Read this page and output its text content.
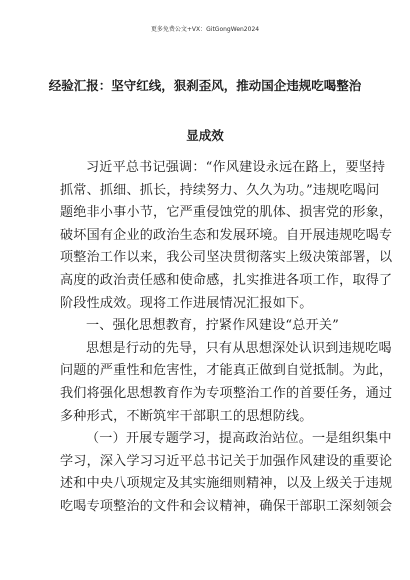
更多免费公文+VX：GitGongWen2024
经验汇报：坚守红线，狠刹歪风，推动国企违规吃喝整治
显成效
习近平总书记强调：“作风建设永远在路上，要坚持
抓常、抓细、抓长，持续努力、久久为功。”违规吃喝问
题绝非小事小节，它严重侵蚀党的肌体、损害党的形象，
破坏国有企业的政治生态和发展环境。自开展违规吃喝专
项整治工作以来，我公司坚决贯彻落实上级决策部署，以
高度的政治责任感和使命感，扎实推进各项工作，取得了
阶段性成效。现将工作进展情况汇报如下。
一、强化思想教育，拧紧作风建设“总开关”
思想是行动的先导，只有从思想深处认识到违规吃喝
问题的严重性和危害性，才能真正做到自觉抵制。为此，
我们将强化思想教育作为专项整治工作的首要任务，通过
多种形式，不断筑牢干部职工的思想防线。
（一）开展专题学习，提高政治站位。一是组织集中
学习，深入学习习近平总书记关于加强作风建设的重要论
述和中央八项规定及其实施细则精神，以及上级关于违规
吃喝专项整治的文件和会议精神，确保干部职工深刻领会
